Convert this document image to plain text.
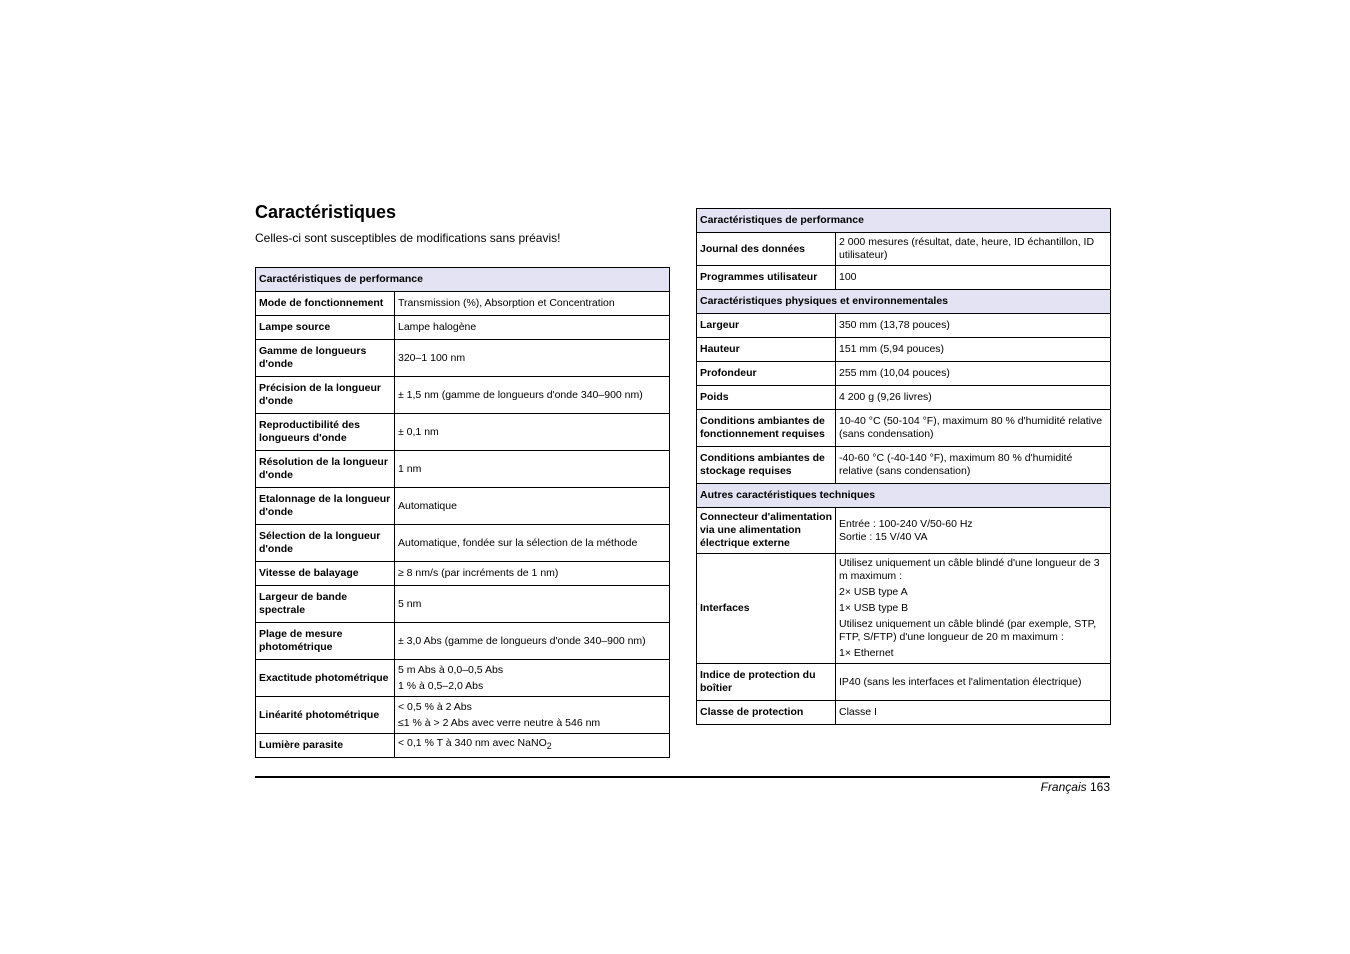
Caractéristiques

Celles-ci sont susceptibles de modifications sans préavis!

Caractéristiques de performance	
Mode de fonctionnement	Transmission (%), Absorption et Concentration

Lampe source	Lampe halogène

Gamme de longueurs d'onde	320–1 100 nm

Précision de la longueur d'onde	± 1,5 nm (gamme de longueurs d'onde 340–900 nm)

Reproductibilité des longueurs d'onde	± 0,1 nm

Résolution de la longueur d'onde	1 nm

Etalonnage de la longueur d'onde	Automatique

Sélection de la longueur d'onde	Automatique, fondée sur la sélection de la méthode

Vitesse de balayage	≥ 8 nm/s (par incréments de 1 nm)

Largeur de bande spectrale	5 nm

Plage de mesure photométrique	± 3,0 Abs (gamme de longueurs d'onde 340–900 nm)

Exactitude photométrique	5 m Abs à 0,0–0,5 Abs
1 % à 0,5–2,0 Abs

Linéarité photométrique	< 0,5 % à 2 Abs
≤1 % à > 2 Abs avec verre neutre à 546 nm

Lumière parasite	< 0,1 % T à 340 nm avec NaNO$_2$
Caractéristiques de performance	
Journal des données	2 000 mesures (résultat, date, heure, ID échantillon, ID utilisateur)

Programmes utilisateur	100

Caractéristiques physiques et environnementales	
Largeur	350 mm (13,78 pouces)

Hauteur	151 mm (5,94 pouces)

Profondeur	255 mm (10,04 pouces)

Poids	4 200 g (9,26 livres)

Conditions ambiantes de fonctionnement requises	10-40 °C (50-104 °F), maximum 80 % d'humidité relative (sans condensation)

Conditions ambiantes de stockage requises	-40-60 °C (-40-140 °F), maximum 80 % d'humidité relative (sans condensation)

Autres caractéristiques techniques	
Connecteur d'alimentation via une alimentation électrique externe	Entrée : 100-240 V/50-60 Hz
Sortie : 15 V/40 VA

Interfaces	Utilisez uniquement un câble blindé d'une longueur de 3 m maximum :
2× USB type A
1× USB type B
Utilisez uniquement un câble blindé (par exemple, STP, FTP, S/FTP) d'une longueur de 20 m maximum :
1× Ethernet

Indice de protection du boîtier	IP40 (sans les interfaces et l'alimentation électrique)

Classe de protection	Classe I
Français 163
